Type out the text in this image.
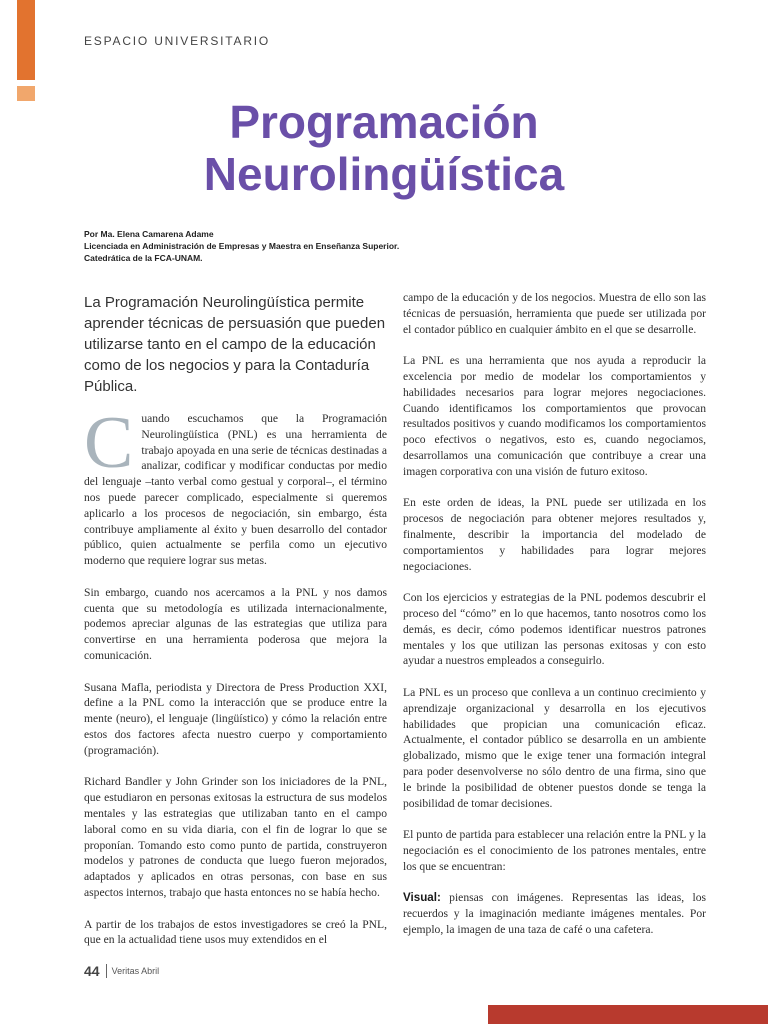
ESPACIO UNIVERSITARIO
Programación
Neurolingüística
Por Ma. Elena Camarena Adame
Licenciada en Administración de Empresas y Maestra en Enseñanza Superior.
Catedrática de la FCA-UNAM.

La Programación Neurolingüística permite aprender técnicas de persuasión que pueden utilizarse tanto en el campo de la educación como de los negocios y para la Contaduría Pública.

Cuando escuchamos que la Programación Neurolingüística (PNL) es una herramienta de trabajo apoyada en una serie de técnicas destinadas a analizar, codificar y modificar conductas por medio del lenguaje –tanto verbal como gestual y corporal–, el término nos puede parecer complicado, especialmente si queremos aplicarlo a los procesos de negociación, sin embargo, ésta contribuye ampliamente al éxito y buen desarrollo del contador público, quien actualmente se perfila como un ejecutivo moderno que requiere lograr sus metas.

Sin embargo, cuando nos acercamos a la PNL y nos damos cuenta que su metodología es utilizada internacionalmente, podemos apreciar algunas de las estrategias que utiliza para convertirse en una herramienta poderosa que mejora la comunicación.

Susana Mafla, periodista y Directora de Press Production XXI, define a la PNL como la interacción que se produce entre la mente (neuro), el lenguaje (lingüístico) y cómo la relación entre estos dos factores afecta nuestro cuerpo y comportamiento (programación).

Richard Bandler y John Grinder son los iniciadores de la PNL, que estudiaron en personas exitosas la estructura de sus modelos mentales y las estrategias que utilizaban tanto en el campo laboral como en su vida diaria, con el fin de lograr lo que se proponían. Tomando esto como punto de partida, construyeron modelos y patrones de conducta que luego fueron mejorados, adaptados y aplicados en otras personas, con base en sus aspectos internos, trabajo que hasta entonces no se había hecho.

A partir de los trabajos de estos investigadores se creó la PNL, que en la actualidad tiene usos muy extendidos en el

campo de la educación y de los negocios. Muestra de ello son las técnicas de persuasión, herramienta que puede ser utilizada por el contador público en cualquier ámbito en el que se desarrolle.

La PNL es una herramienta que nos ayuda a reproducir la excelencia por medio de modelar los comportamientos y habilidades necesarios para lograr mejores negociaciones. Cuando identificamos los comportamientos que provocan resultados positivos y cuando modificamos los comportamientos poco efectivos o negativos, esto es, cuando negociamos, desarrollamos una comunicación que contribuye a crear una imagen corporativa con una visión de futuro exitoso.

En este orden de ideas, la PNL puede ser utilizada en los procesos de negociación para obtener mejores resultados y, finalmente, describir la importancia del modelado de comportamientos y habilidades para lograr mejores negociaciones.

Con los ejercicios y estrategias de la PNL podemos descubrir el proceso del “cómo” en lo que hacemos, tanto nosotros como los demás, es decir, cómo podemos identificar nuestros patrones mentales y los que utilizan las personas exitosas y con esto ayudar a nuestros empleados a conseguirlo.

La PNL es un proceso que conlleva a un continuo crecimiento y aprendizaje organizacional y desarrolla en los ejecutivos habilidades que propician una comunicación eficaz. Actualmente, el contador público se desarrolla en un ambiente globalizado, mismo que le exige tener una formación integral para poder desenvolverse no sólo dentro de una firma, sino que le brinde la posibilidad de obtener puestos donde se tenga la posibilidad de tomar decisiones.

El punto de partida para establecer una relación entre la PNL y la negociación es el conocimiento de los patrones mentales, entre los que se encuentran:

Visual: piensas con imágenes. Representas las ideas, los recuerdos y la imaginación mediante imágenes mentales. Por ejemplo, la imagen de una taza de café o una cafetera.

44 Veritas Abril
